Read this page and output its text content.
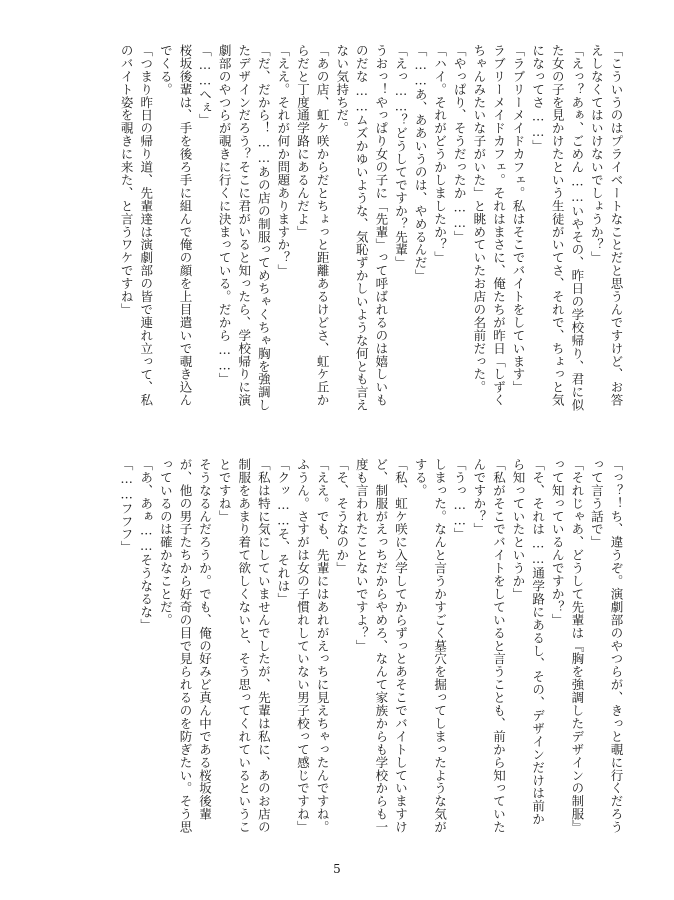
「こういうのはプライベートなことだと思うんですけど、お答えしなくてはいけないでしょうか？」

「えっ？あぁ、ごめん……いやその、昨日の学校帰り、君に似た女の子を見かけたという生徒がいてさ、それで、ちょっと気になってさ……」

「ラブリーメイドカフェ。私はそこでバイトをしています」

ラブリーメイドカフェ。それはまさに、俺たちが昨日「しずくちゃんみたいな子がいた」と眺めていたお店の名前だった。

「やっぱり、そうだったか……」

「ハイ。それがどうかしましたか？」

「……あ、ああいうのは、やめるんだ」

「えっ……？どうしてですか？先輩」

うおっ！やっぱり女の子に「先輩」って呼ばれるのは嬉しいものだな……ムズかゆいような、気恥ずかしいような何とも言えない気持ちだ。

「あの店、虹ケ咲からだとちょっと距離あるけどさ、虹ケ丘からだと丁度通学路にあるんだよ」

「ええ。それが何か問題ありますか？」

「だ、だから！……あの店の制服ってめちゃくちゃ胸を強調したデザインだろう？そこに君がいると知ったら、学校帰りに演劇部のやつらが覗きに行くに決まっている。だから……」

「……へぇ」

桜坂後輩は、手を後ろ手に組んで俺の顔を上目遣いで覗き込んでくる。

「つまり昨日の帰り道、先輩達は演劇部の皆で連れ立って、私のバイト姿を覗きに来た、と言うワケですね」

「っ？！ち、違うぞ。演劇部のやつらが、きっと覗に行くだろうって言う話で」

「それじゃあ、どうして先輩は『胸を強調したデザインの制服』って知っているんですか？」

「そ、それは……通学路にあるし、その、デザインだけは前から知っていたというか」

「私がそこでバイトをしていると言うことも、前から知っていたんですか？」

「うっ……」

しまった。なんと言うかすごく墓穴を掘ってしまったような気がする。

「私、虹ケ咲に入学してからずっとあそこでバイトしていますけど、制服がえっちだからやめろ、なんて家族からも学校からも一度も言われたことないですよ？」

「そ、そうなのか」

「ええ。でも、先輩にはあれがえっちに見えちゃったんですね。ふうん。さすがは女の子慣れしていない男子校って感じですね」

「クッ……そ、それは」

「私は特に気にしていませんでしたが、先輩は私に、あのお店の制服をあまり着て欲しくないと、そう思ってくれているということですね」

そうなるんだろうか。でも、俺の好みど真ん中である桜坂後輩が、他の男子たちから好奇の目で見られるのを防ぎたい。そう思っているのは確かなことだ。

「あ、あぁ……そうなるな」

「……フフフ」

5
